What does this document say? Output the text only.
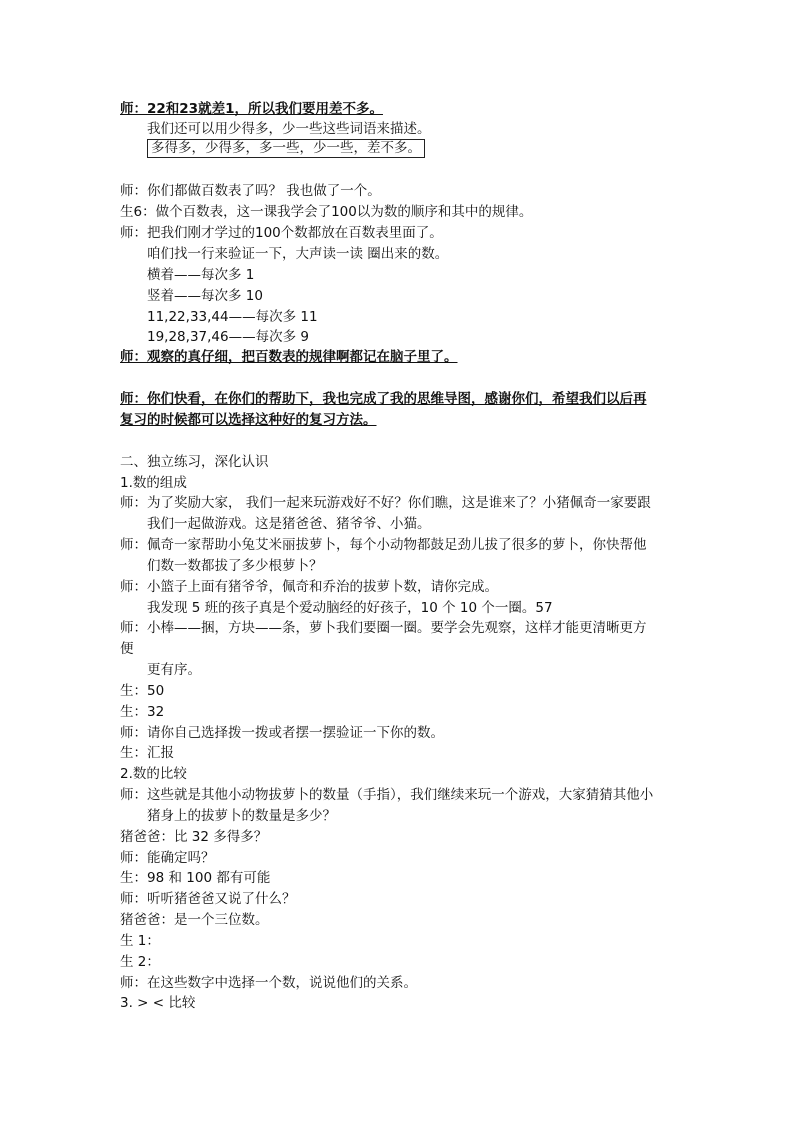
师：22和23就差1，所以我们要用差不多。
我们还可以用少得多，少一些这些词语来描述。
多得多，少得多，多一些，少一些，差不多。
师：你们都做百数表了吗？ 我也做了一个。
生6：做个百数表，这一课我学会了100以为数的顺序和其中的规律。
师：把我们刚才学过的100个数都放在百数表里面了。
咱们找一行来验证一下，大声读一读 圈出来的数。
横着——每次多 1
竖着——每次多 10
11,22,33,44——每次多 11
19,28,37,46——每次多 9
师：观察的真仔细，把百数表的规律啊都记在脑子里了。
师：你们快看，在你们的帮助下，我也完成了我的思维导图，感谢你们，希望我们以后再
复习的时候都可以选择这种好的复习方法。
二、独立练习，深化认识
1.数的组成
师：为了奖励大家， 我们一起来玩游戏好不好？你们瞧，这是谁来了？小猪佩奇一家要跟
我们一起做游戏。这是猪爸爸、猪爷爷、小猫。
师：佩奇一家帮助小兔艾米丽拔萝卜，每个小动物都鼓足劲儿拔了很多的萝卜，你快帮他
们数一数都拔了多少根萝卜？
师：小篮子上面有猪爷爷，佩奇和乔治的拔萝卜数，请你完成。
我发现 5 班的孩子真是个爱动脑经的好孩子，10 个 10 个一圈。57
师：小棒——捆，方块——条，萝卜我们要圈一圈。要学会先观察，这样才能更清晰更方
便
更有序。
生：50
生：32
师：请你自己选择拨一拨或者摆一摆验证一下你的数。
生：汇报
2.数的比较
师：这些就是其他小动物拔萝卜的数量（手指），我们继续来玩一个游戏，大家猜猜其他小
猪身上的拔萝卜的数量是多少？
猪爸爸：比 32 多得多？
师：能确定吗？
生：98 和 100 都有可能
师：听听猪爸爸又说了什么？
猪爸爸：是一个三位数。
生 1：
生 2：
师：在这些数字中选择一个数，说说他们的关系。
3. > < 比较
